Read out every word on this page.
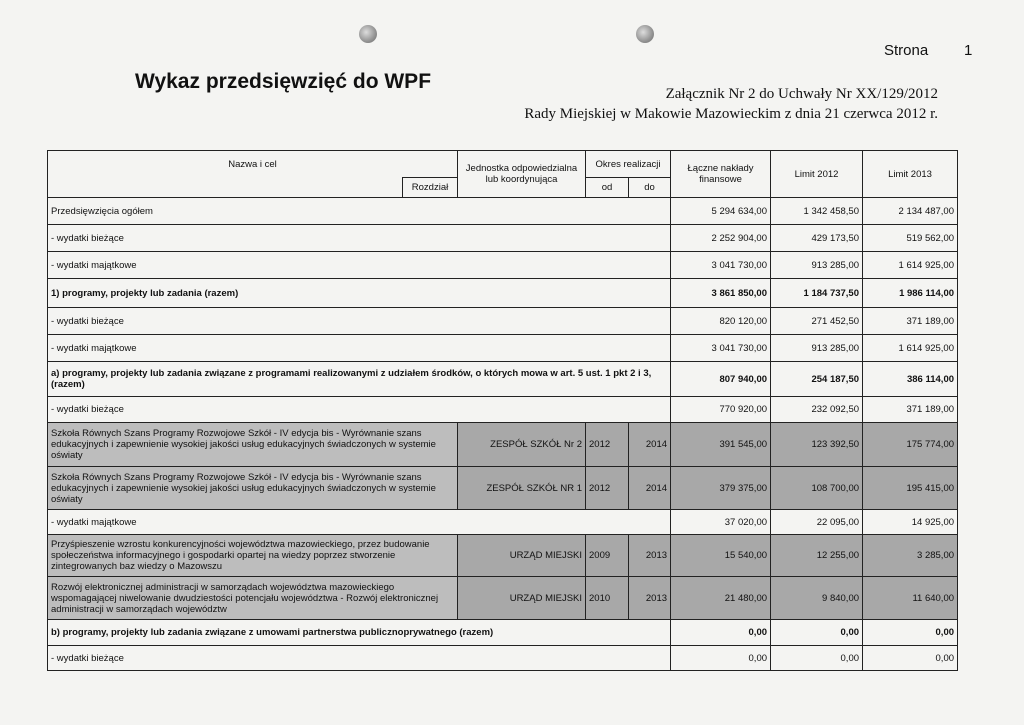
Wykaz przedsięwzięć do WPF
Strona 1
Załącznik Nr 2 do Uchwały Nr XX/129/2012
Rady Miejskiej w Makowie Mazowieckim z dnia 21 czerwca 2012 r.
Nazwa i cel		Jednostka odpowiedzialna lub koordynująca	Okres realizacji		Łączne nakłady finansowe	Limit 2012	Limit 2013
	Rozdział		od	do			
Przedsięwzięcia ogółem					5 294 634,00	1 342 458,50	2 134 487,00
- wydatki bieżące					2 252 904,00	429 173,50	519 562,00
- wydatki majątkowe					3 041 730,00	913 285,00	1 614 925,00
1) programy, projekty lub zadania (razem)					3 861 850,00	1 184 737,50	1 986 114,00
- wydatki bieżące					820 120,00	271 452,50	371 189,00
- wydatki majątkowe					3 041 730,00	913 285,00	1 614 925,00
a) programy, projekty lub zadania związane z programami realizowanymi z udziałem środków, o których mowa w art. 5 ust. 1 pkt 2 i 3, (razem)					807 940,00	254 187,50	386 114,00
- wydatki bieżące					770 920,00	232 092,50	371 189,00
Szkoła Równych Szans Programy Rozwojowe Szkół - IV edycja bis - Wyrównanie szans edukacyjnych i zapewnienie wysokiej jakości usług edukacyjnych świadczonych w systemie oświaty		ZESPÓŁ SZKÓŁ Nr 2	2012	2014	391 545,00	123 392,50	175 774,00
Szkoła Równych Szans Programy Rozwojowe Szkół - IV edycja bis - Wyrównanie szans edukacyjnych i zapewnienie wysokiej jakości usług edukacyjnych świadczonych w systemie oświaty		ZESPÓŁ SZKÓŁ NR 1	2012	2014	379 375,00	108 700,00	195 415,00
- wydatki majątkowe					37 020,00	22 095,00	14 925,00
Przyśpieszenie wzrostu konkurencyjności województwa mazowieckiego, przez budowanie społeczeństwa informacyjnego i gospodarki opartej na wiedzy poprzez stworzenie zintegrowanych baz wiedzy o Mazowszu		URZĄD MIEJSKI	2009	2013	15 540,00	12 255,00	3 285,00
Rozwój elektronicznej administracji w samorządach województwa mazowieckiego wspomagającej niwelowanie dwudziestości potencjału województwa - Rozwój elektronicznej administracji w samorządach województw		URZĄD MIEJSKI	2010	2013	21 480,00	9 840,00	11 640,00
b) programy, projekty lub zadania związane z umowami partnerstwa publicznoprywatnego (razem)					0,00	0,00	0,00
- wydatki bieżące					0,00	0,00	0,00
